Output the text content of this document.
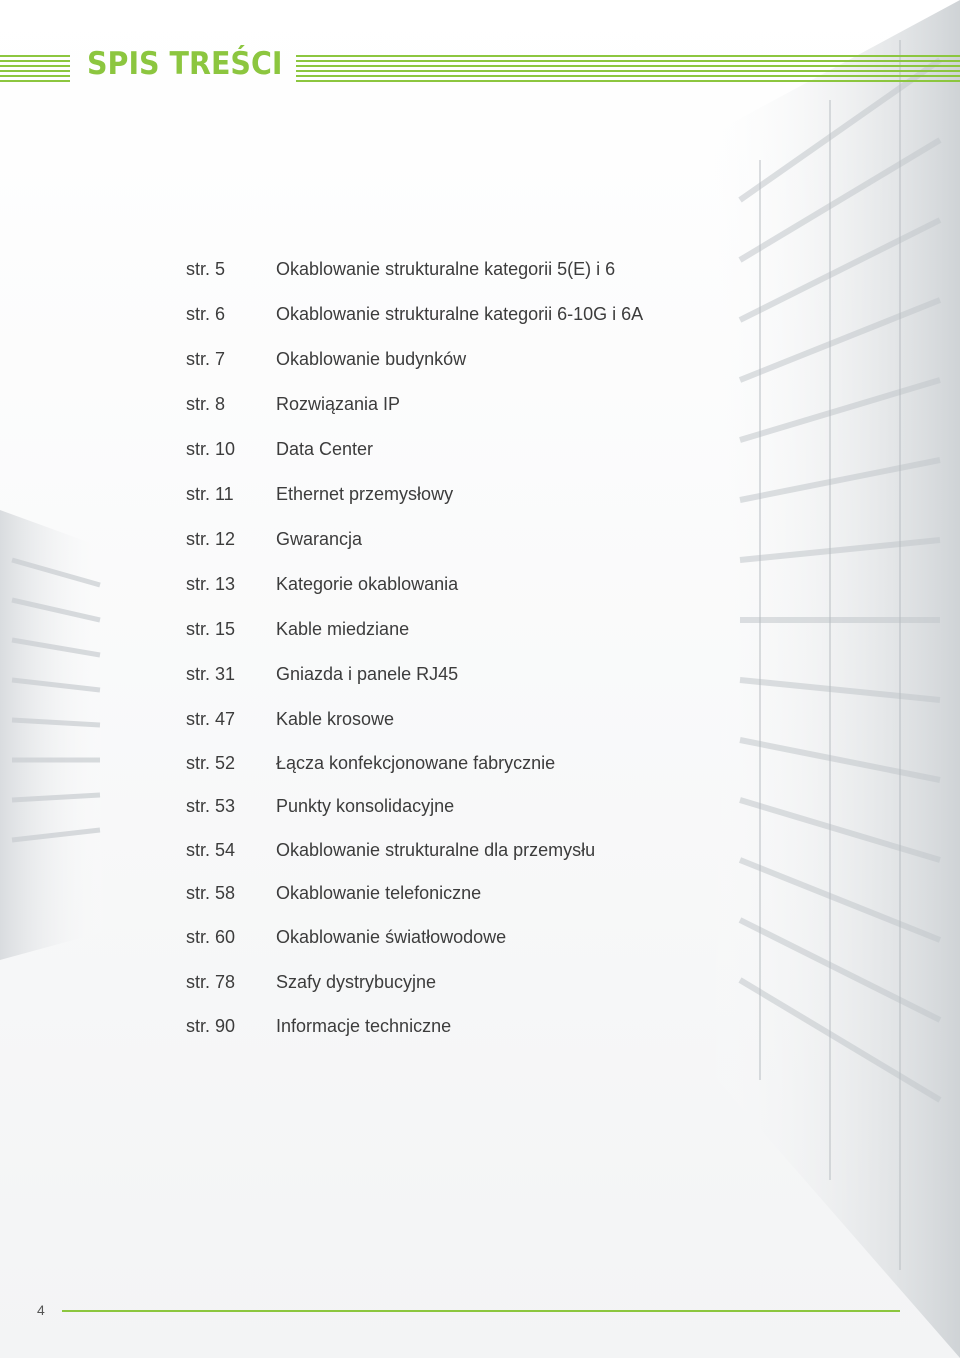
SPIS TREŚCI
str. 5	Okablowanie strukturalne kategorii 5(E) i 6
str. 6	Okablowanie strukturalne kategorii 6-10G i 6A
str. 7	Okablowanie budynków
str. 8	Rozwiązania IP
str. 10 Data Center
str. 11 Ethernet przemysłowy
str. 12 Gwarancja
str. 13 Kategorie okablowania
str. 15 Kable miedziane
str. 31 Gniazda i panele RJ45
str. 47 Kable krosowe
str. 52 Łącza konfekcjonowane fabrycznie
str. 53 Punkty konsolidacyjne
str. 54 Okablowanie strukturalne dla przemysłu
str. 58 Okablowanie telefoniczne
str. 60 Okablowanie światłowodowe
str. 78 Szafy dystrybucyjne
str. 90 Informacje techniczne
4
